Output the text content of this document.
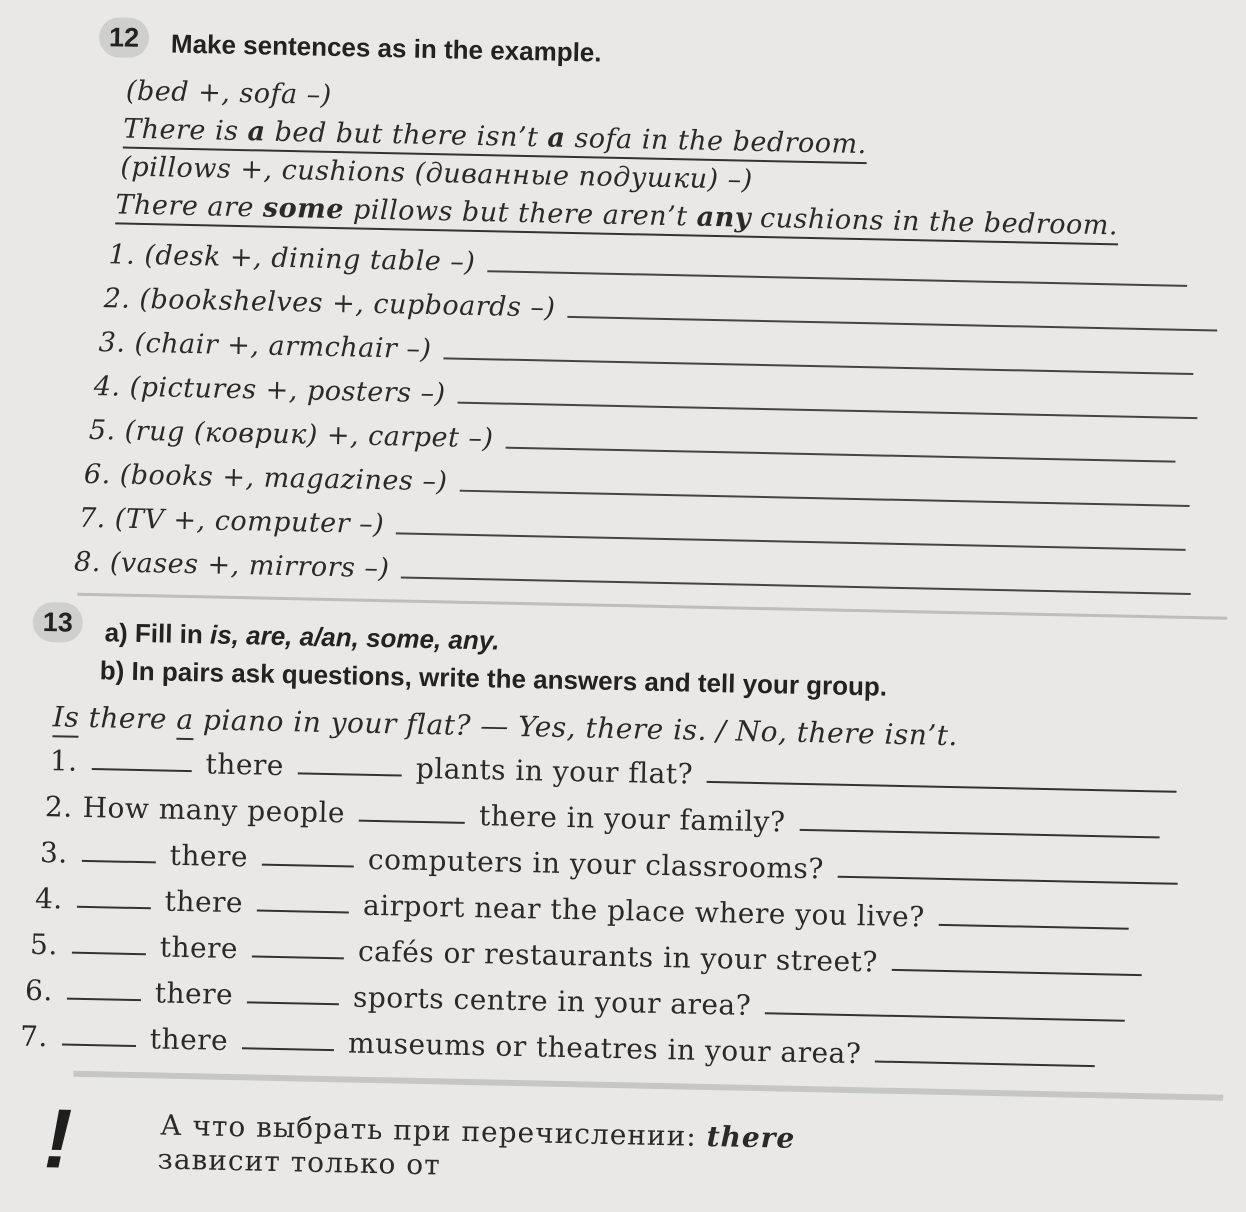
12 Make sentences as in the example.
(bed +, sofa –)
There is a bed but there isn’t a sofa in the bedroom.
(pillows +, cushions (диванные подушки) –)
There are some pillows but there aren’t any cushions in the bedroom.
1. (desk +, dining table –)
2. (bookshelves +, cupboards –)
3. (chair +, armchair –)
4. (pictures +, posters –)
5. (rug (коврик) +, carpet –)
6. (books +, magazines –)
7. (TV +, computer –)
8. (vases +, mirrors –)
13 a) Fill in is, are, a/an, some, any.
b) In pairs ask questions, write the answers and tell your group.
Is there a piano in your flat? — Yes, there is. / No, there isn’t.
1.	there	plants in your flat?
2. How many people	there in your family?
3.	there	computers in your classrooms?
4.	there	airport near the place where you live?
5.	there	cafés or restaurants in your street?
6.	there	sports centre in your area?
7.	there	museums or theatres in your area?
!	А что выбрать при перечислении: there
зависит только от
